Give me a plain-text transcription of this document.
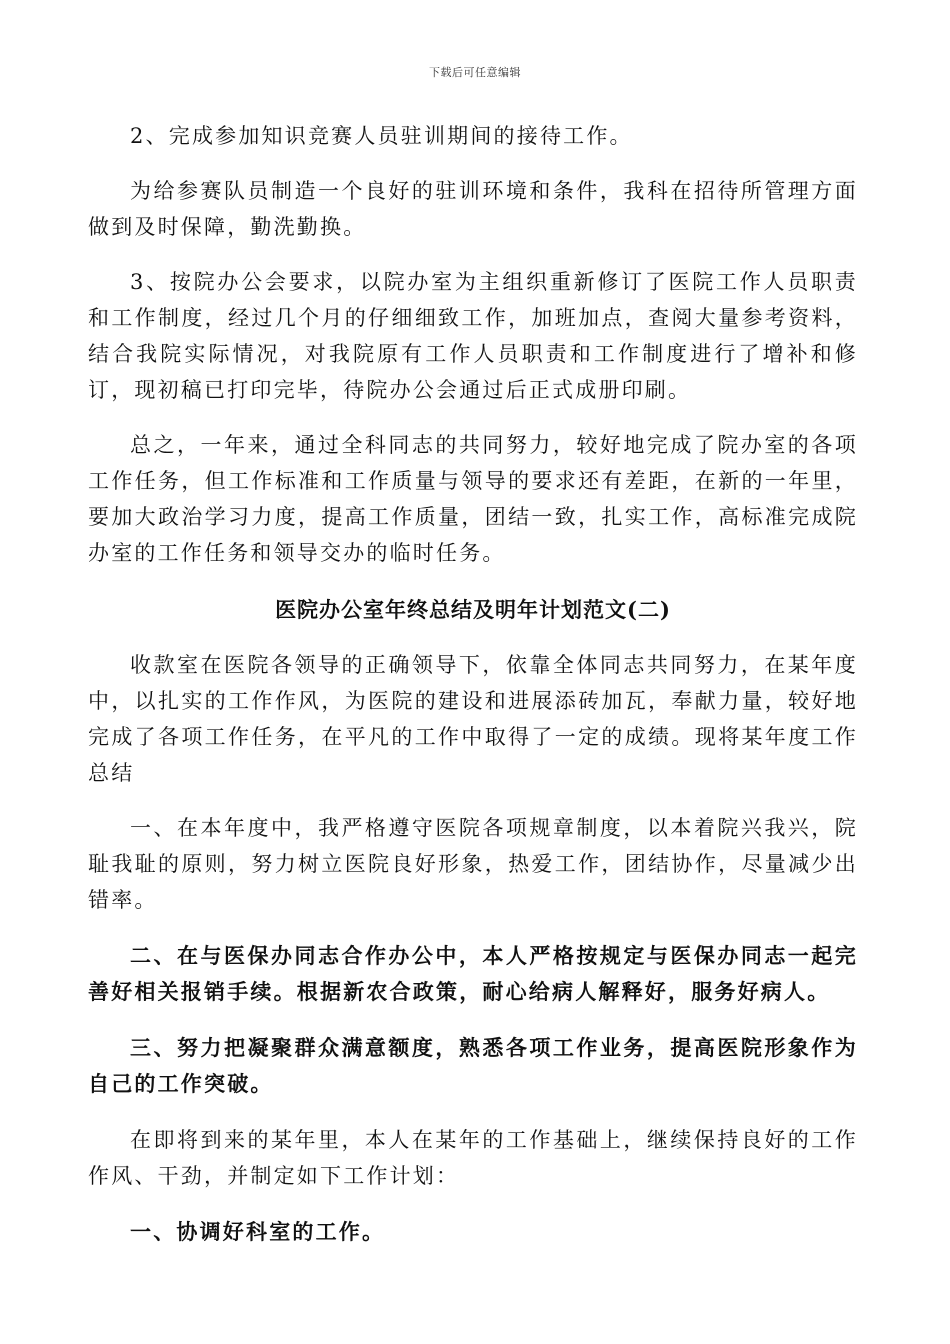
下载后可任意编辑

2、完成参加知识竞赛人员驻训期间的接待工作。

为给参赛队员制造一个良好的驻训环境和条件，我科在招待所管理方面做到及时保障，勤洗勤换。

3、按院办公会要求，以院办室为主组织重新修订了医院工作人员职责和工作制度，经过几个月的仔细细致工作，加班加点，查阅大量参考资料，结合我院实际情况，对我院原有工作人员职责和工作制度进行了增补和修订，现初稿已打印完毕，待院办公会通过后正式成册印刷。

总之，一年来，通过全科同志的共同努力，较好地完成了院办室的各项工作任务，但工作标准和工作质量与领导的要求还有差距，在新的一年里，要加大政治学习力度，提高工作质量，团结一致，扎实工作，高标准完成院办室的工作任务和领导交办的临时任务。

医院办公室年终总结及明年计划范文(二)

收款室在医院各领导的正确领导下，依靠全体同志共同努力，在某年度中，以扎实的工作作风，为医院的建设和进展添砖加瓦，奉献力量，较好地完成了各项工作任务，在平凡的工作中取得了一定的成绩。现将某年度工作总结

一、在本年度中，我严格遵守医院各项规章制度，以本着院兴我兴，院耻我耻的原则，努力树立医院良好形象，热爱工作，团结协作，尽量减少出错率。

二、在与医保办同志合作办公中，本人严格按规定与医保办同志一起完善好相关报销手续。根据新农合政策，耐心给病人解释好，服务好病人。

三、努力把凝聚群众满意额度，熟悉各项工作业务，提高医院形象作为自己的工作突破。

在即将到来的某年里，本人在某年的工作基础上，继续保持良好的工作作风、干劲，并制定如下工作计划：

一、协调好科室的工作。
